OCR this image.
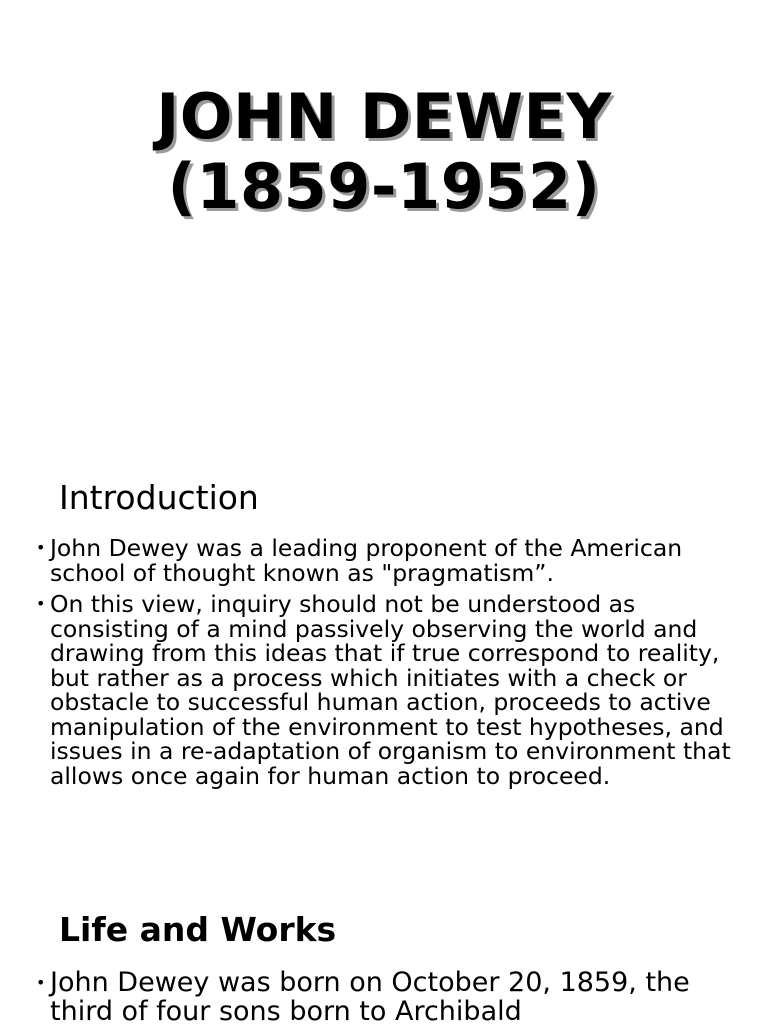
JOHN DEWEY
(1859-1952)
Introduction
• John Dewey was a leading proponent of the American school of thought known as "pragmatism”.
• On this view, inquiry should not be understood as consisting of a mind passively observing the world and drawing from this ideas that if true correspond to reality, but rather as a process which initiates with a check or obstacle to successful human action, proceeds to active manipulation of the environment to test hypotheses, and issues in a re-adaptation of organism to environment that allows once again for human action to proceed.
Life and Works
• John Dewey was born on October 20, 1859, the third of four sons born to Archibald
